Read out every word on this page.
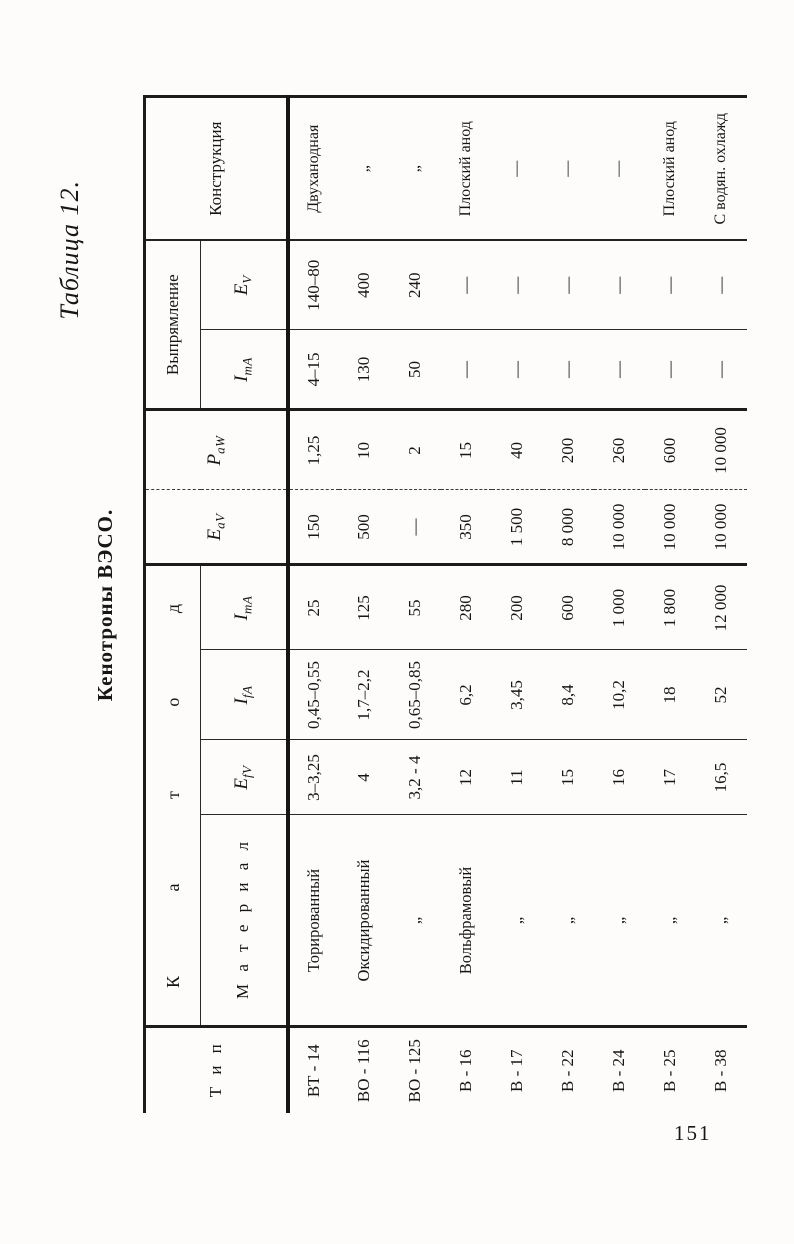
Таблица 12.
Кенотроны ВЭСО.
Т и п	К а т о д				$E_{aV}$	$P_{aW}$	Выпрямление		Конструкция
	М а т е р и а л	$E_{fV}$	$I_{fA}$	$I_{mA}$			$I_{mA}$	$E_V$
ВТ - 14	Торированный	3–3,25	0,45–0,55	25	150	1,25	4–15	140–80	Двуханодная
ВО - 116	Оксидированный	4	1,7–2,2	125	500	10	130	400	„
ВО - 125	„	3,2 - 4	0,65–0,85	55	—	2	50	240	„
В - 16	Вольфрамовый	12	6,2	280	350	15	—	—	Плоский анод
В - 17	„	11	3,45	200	1 500	40	—	—	—
В - 22	„	15	8,4	600	8 000	200	—	—	—
В - 24	„	16	10,2	1 000	10 000	260	—	—	—
В - 25	„	17	18	1 800	10 000	600	—	—	Плоский анод
В - 38	„	16,5	52	12 000	10 000	10 000	—	—	С водян. охлажд
151
